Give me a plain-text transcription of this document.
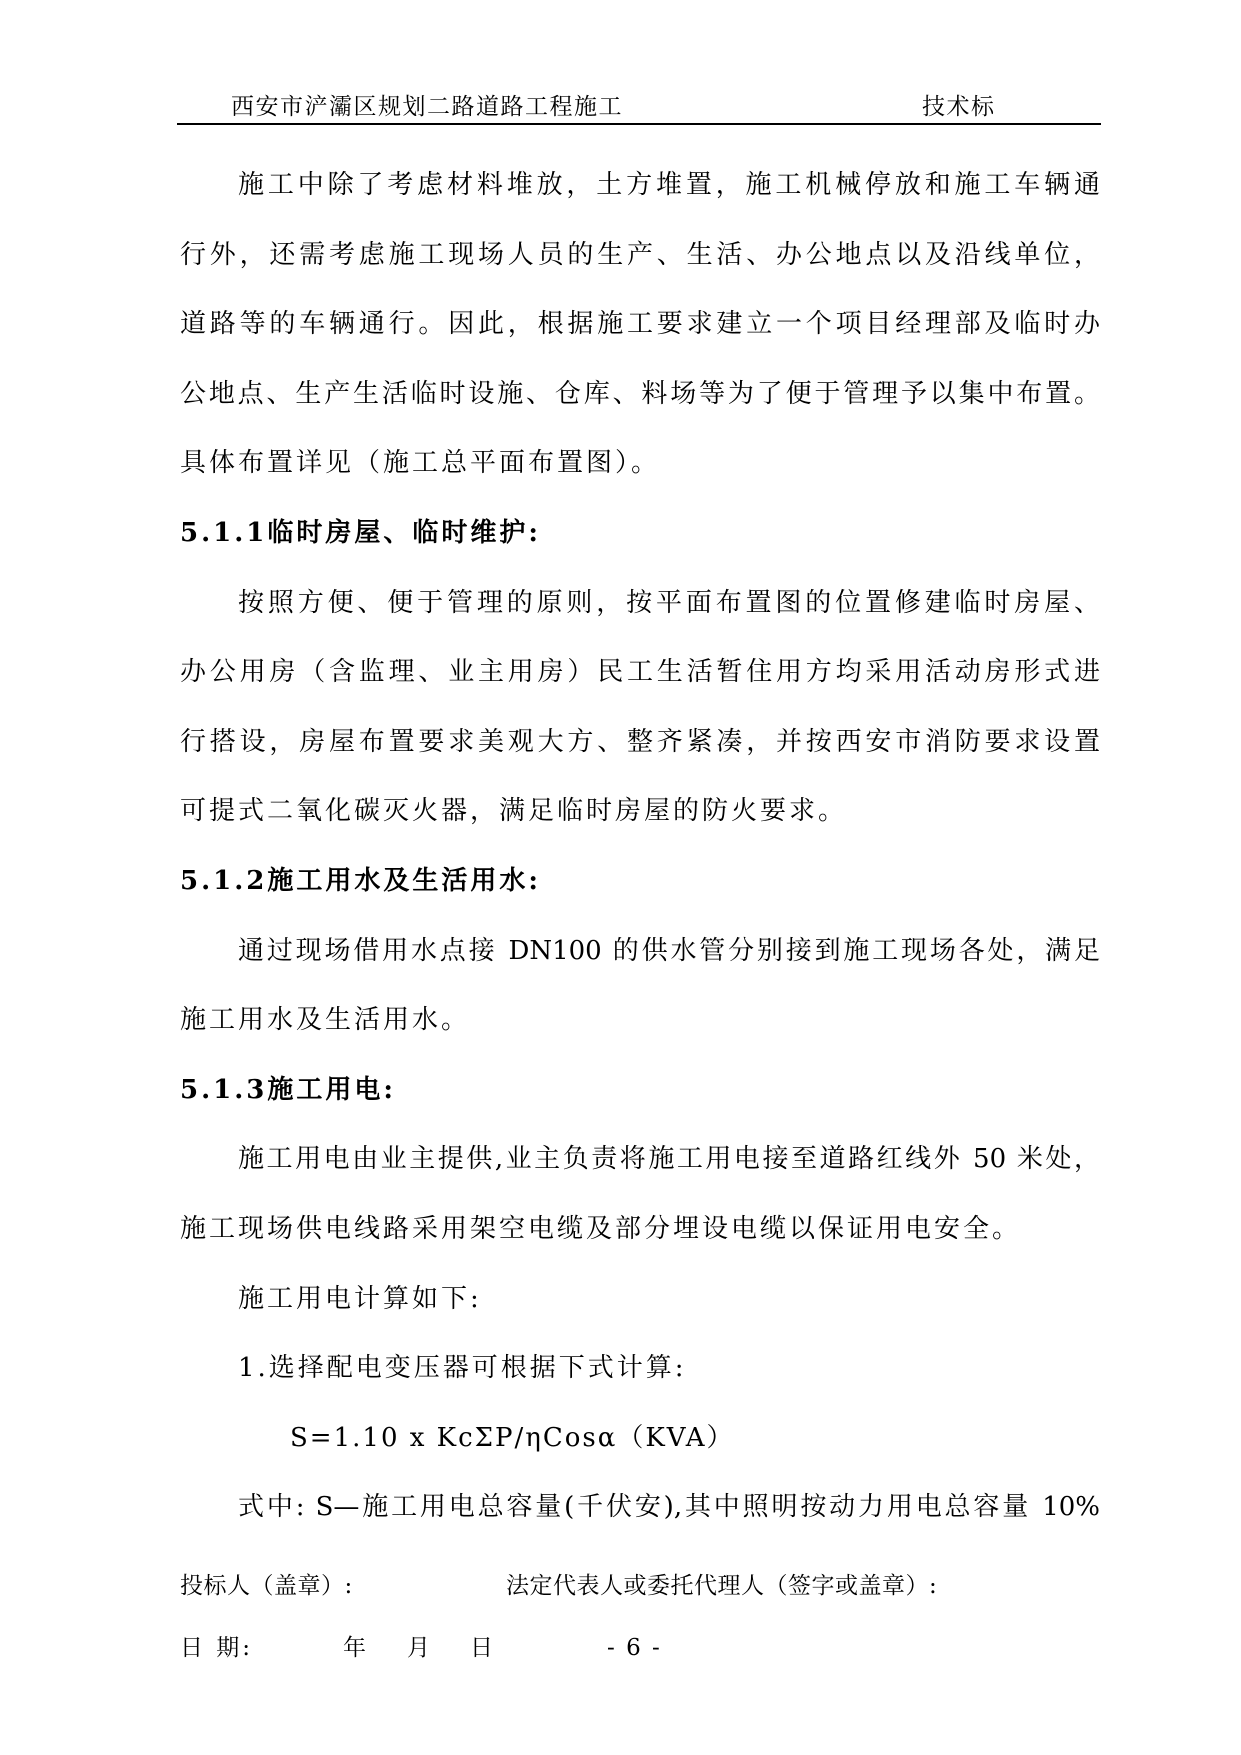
西安市浐灞区规划二路道路工程施工	技术标
施工中除了考虑材料堆放，土方堆置，施工机械停放和施工车辆通
行外，还需考虑施工现场人员的生产、生活、办公地点以及沿线单位，
道路等的车辆通行。因此，根据施工要求建立一个项目经理部及临时办
公地点、生产生活临时设施、仓库、料场等为了便于管理予以集中布置。
具体布置详见（施工总平面布置图）。
5.1.1临时房屋、临时维护:
按照方便、便于管理的原则，按平面布置图的位置修建临时房屋、
办公用房（含监理、业主用房）民工生活暂住用方均采用活动房形式进
行搭设，房屋布置要求美观大方、整齐紧凑，并按西安市消防要求设置
可提式二氧化碳灭火器，满足临时房屋的防火要求。
5.1.2施工用水及生活用水:
通过现场借用水点接 DN100 的供水管分别接到施工现场各处，满足
施工用水及生活用水。
5.1.3施工用电:
施工用电由业主提供,业主负责将施工用电接至道路红线外 50 米处，
施工现场供电线路采用架空电缆及部分埋设电缆以保证用电安全。
施工用电计算如下:
1.选择配电变压器可根据下式计算:
S=1.10 x KcΣP/ηCosα（KVA）
式中: S—施工用电总容量(千伏安),其中照明按动力用电总容量 10%
投标人（盖章）:	法定代表人或委托代理人（签字或盖章）:
日 期:	年 月 日	- 6 -
